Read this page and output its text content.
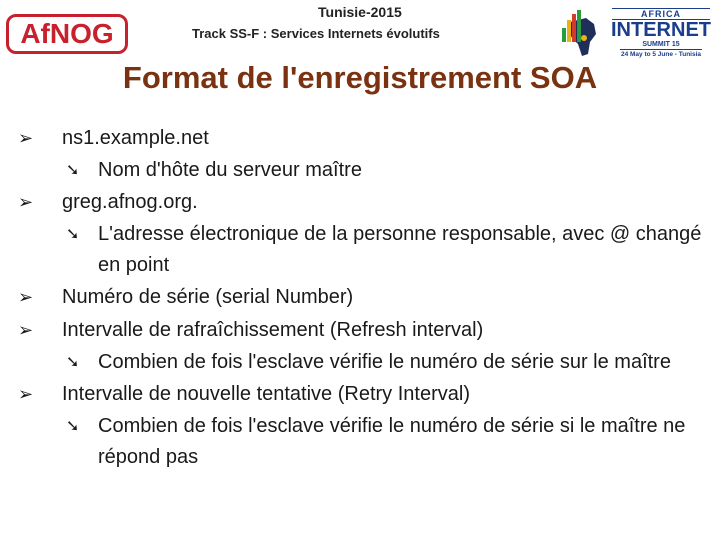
AfNOG
Tunisie-2015
Track SS-F : Services Internets évolutifs
AFRICA
INTERNET
SUMMIT 15
24 May to 5 June - Tunisia
Format de l'enregistrement SOA
➢	ns1.example.net
➘ Nom d'hôte du serveur maître
➢	greg.afnog.org.
➘ L'adresse électronique de la personne responsable, avec @ changé en point
➢	Numéro de série (serial Number)
➢	Intervalle de rafraîchissement (Refresh interval)
➘ Combien de fois l'esclave vérifie le numéro de série sur le maître
➢	Intervalle de nouvelle tentative (Retry Interval)
➘ Combien de fois l'esclave vérifie le numéro de série si le maître ne répond pas
